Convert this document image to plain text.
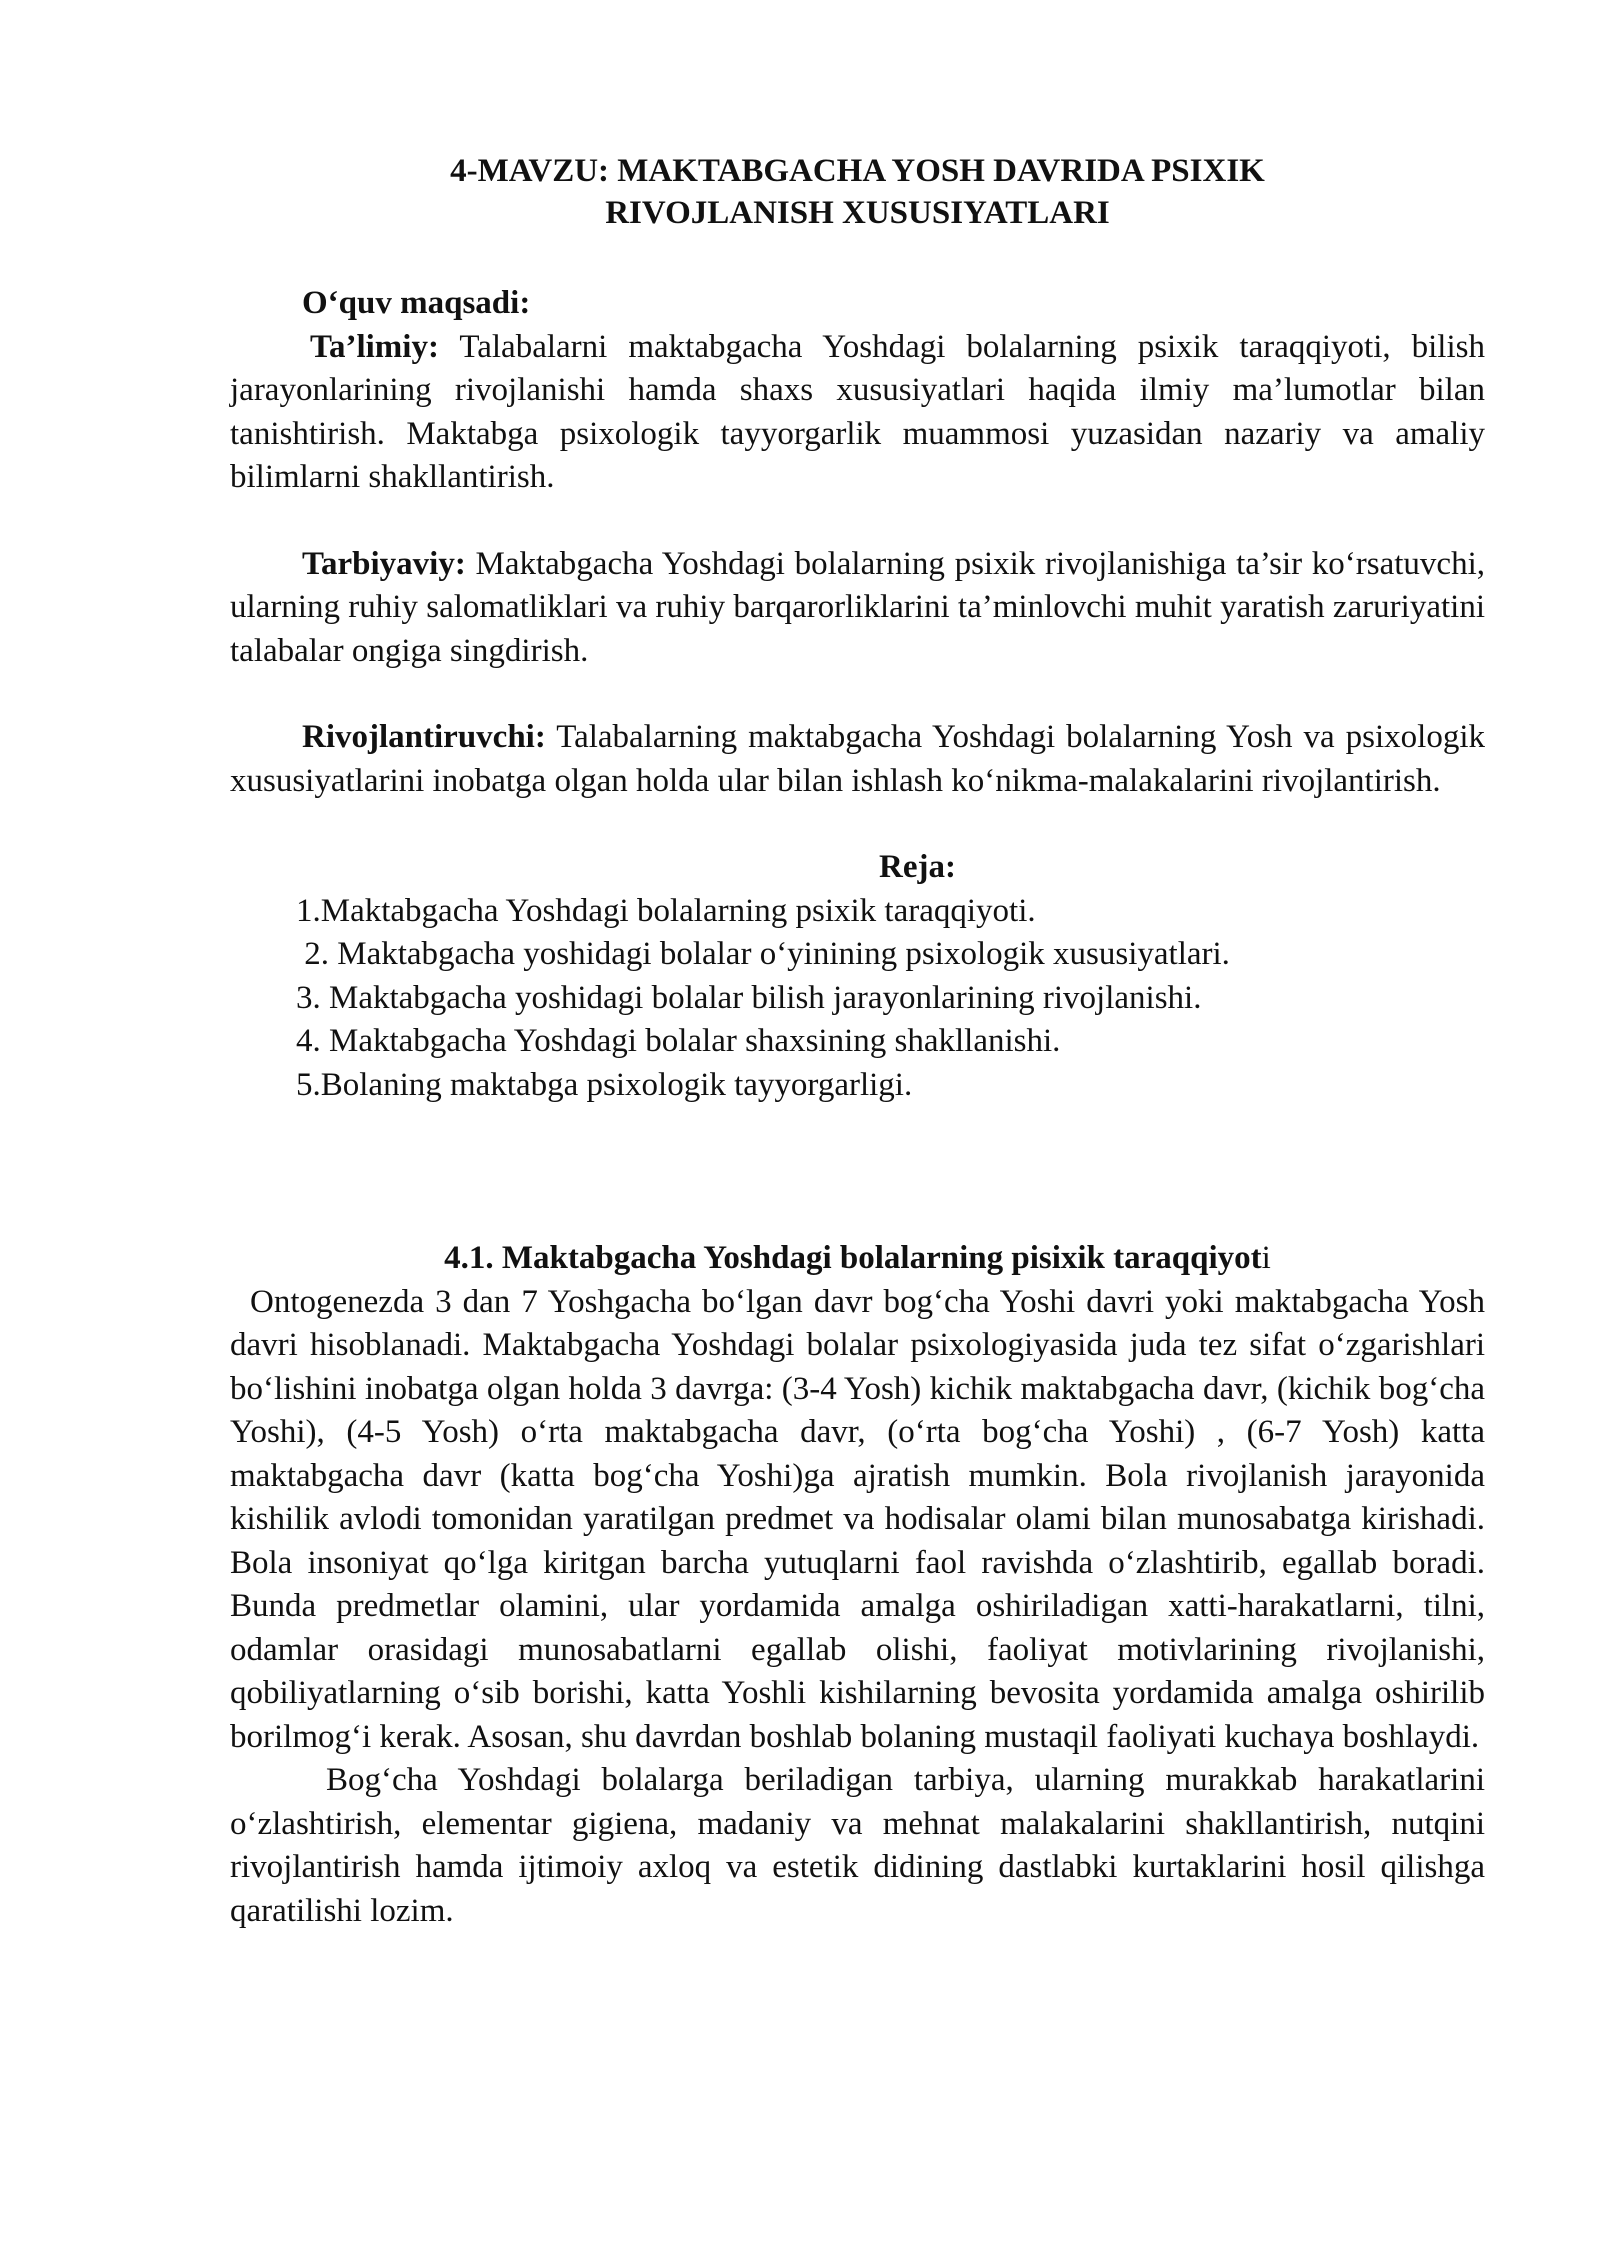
4-MAVZU: MAKTABGACHA YOSH DAVRIDA PSIXIK
RIVOJLANISH XUSUSIYATLARI
O‘quv maqsadi:

Ta’limiy: Talabalarni maktabgacha Yoshdagi bolalarning psixik taraqqiyoti, bilish jarayonlarining rivojlanishi hamda shaxs xususiyatlari haqida ilmiy ma’lumotlar bilan tanishtirish. Maktabga psixologik tayyorgarlik muammosi yuzasidan nazariy va amaliy bilimlarni shakllantirish.

Tarbiyaviy: Maktabgacha Yoshdagi bolalarning psixik rivojlanishiga ta’sir ko‘rsatuvchi, ularning ruhiy salomatliklari va ruhiy barqarorliklarini ta’minlovchi muhit yaratish zaruriyatini talabalar ongiga singdirish.

Rivojlantiruvchi: Talabalarning maktabgacha Yoshdagi bolalarning Yosh va psixologik xususiyatlarini inobatga olgan holda ular bilan ishlash ko‘nikma-malakalarini rivojlantirish.

Reja:
1.Maktabgacha Yoshdagi bolalarning psixik taraqqiyoti.
2. Maktabgacha yoshidagi bolalar o‘yinining psixologik xususiyatlari.
3. Maktabgacha yoshidagi bolalar bilish jarayonlarining rivojlanishi.
4. Maktabgacha Yoshdagi bolalar shaxsining shakllanishi.
5.Bolaning maktabga psixologik tayyorgarligi.
4.1. Maktabgacha Yoshdagi bolalarning pisixik taraqqiyoti

Ontogenezda 3 dan 7 Yoshgacha bo‘lgan davr bog‘cha Yoshi davri yoki maktabgacha Yosh davri hisoblanadi. Maktabgacha Yoshdagi bolalar psixologiyasida juda tez sifat o‘zgarishlari bo‘lishini inobatga olgan holda 3 davrga: (3-4 Yosh) kichik maktabgacha davr, (kichik bog‘cha Yoshi), (4-5 Yosh) o‘rta maktabgacha davr, (o‘rta bog‘cha Yoshi) , (6-7 Yosh) katta maktabgacha davr (katta bog‘cha Yoshi)ga ajratish mumkin. Bola rivojlanish jarayonida kishilik avlodi tomonidan yaratilgan predmet va hodisalar olami bilan munosabatga kirishadi. Bola insoniyat qo‘lga kiritgan barcha yutuqlarni faol ravishda o‘zlashtirib, egallab boradi. Bunda predmetlar olamini, ular yordamida amalga oshiriladigan xatti-harakatlarni, tilni, odamlar orasidagi munosabatlarni egallab olishi, faoliyat motivlarining rivojlanishi, qobiliyatlarning o‘sib borishi, katta Yoshli kishilarning bevosita yordamida amalga oshirilib borilmog‘i kerak. Asosan, shu davrdan boshlab bolaning mustaqil faoliyati kuchaya boshlaydi.

Bog‘cha Yoshdagi bolalarga beriladigan tarbiya, ularning murakkab harakatlarini o‘zlashtirish, elementar gigiena, madaniy va mehnat malakalarini shakllantirish, nutqini rivojlantirish hamda ijtimoiy axloq va estetik didining dastlabki kurtaklarini hosil qilishga qaratilishi lozim.
